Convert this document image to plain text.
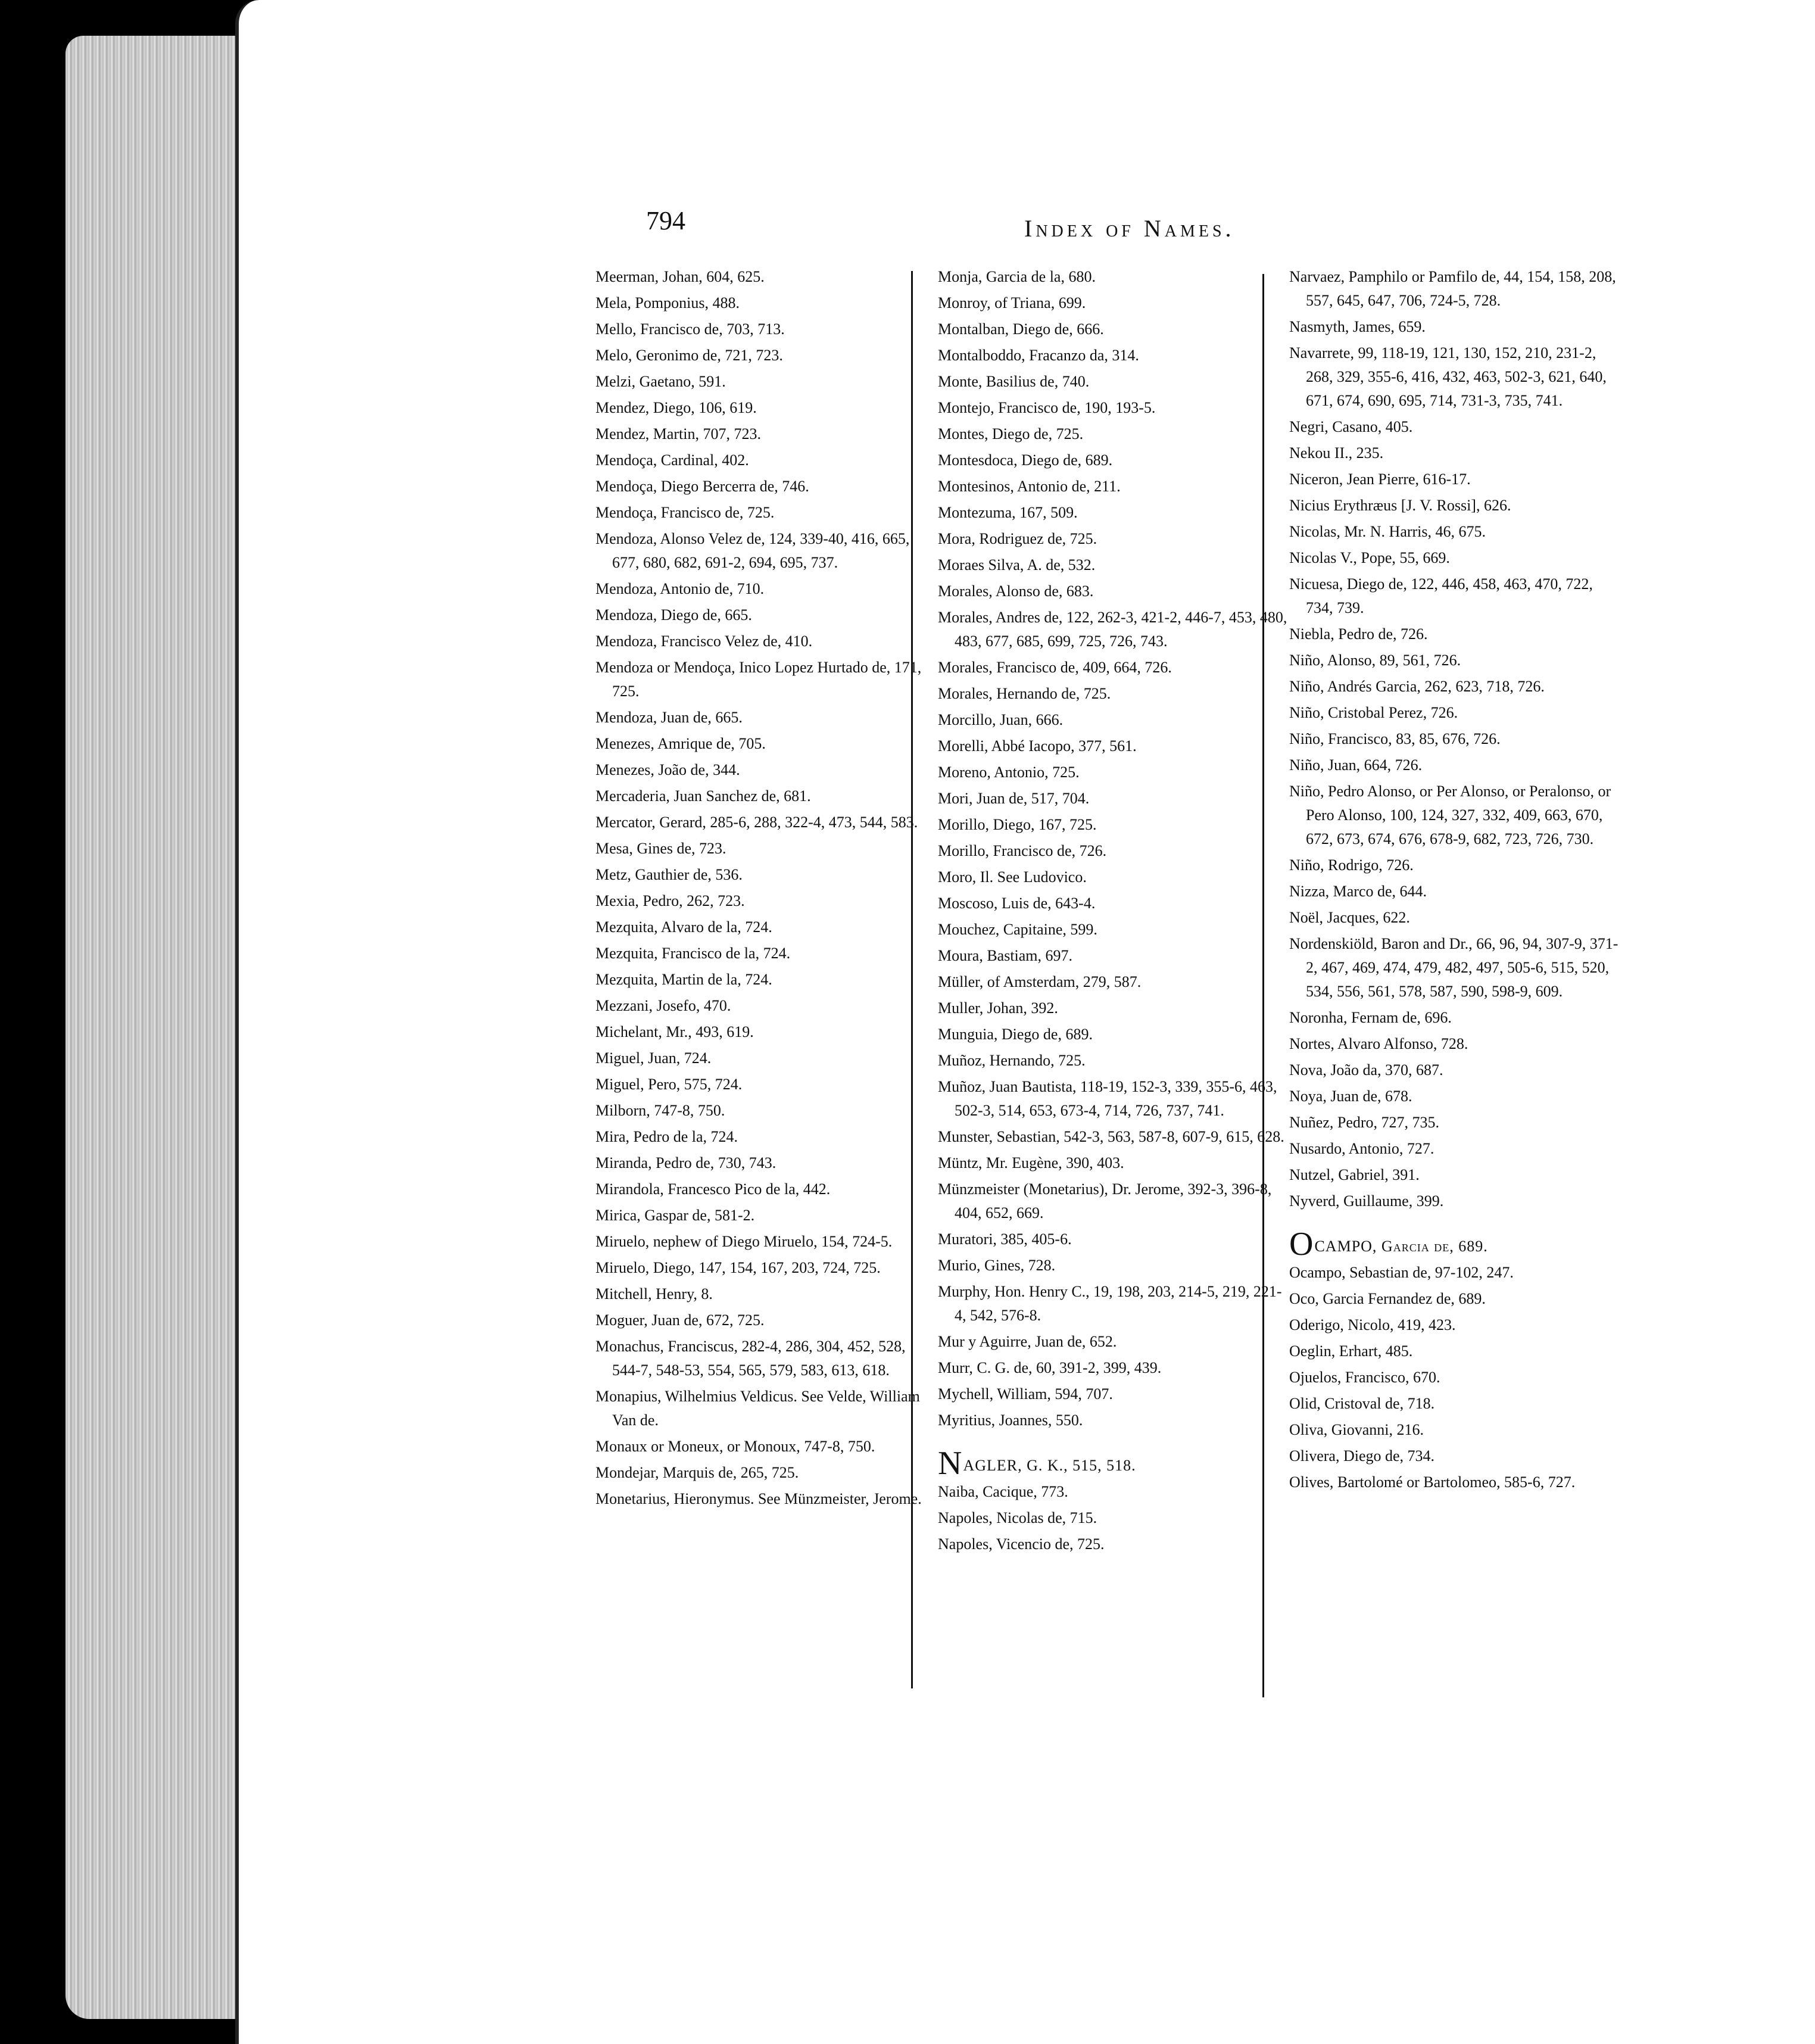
794	Index of Names.
Meerman, Johan, 604, 625.
Mela, Pomponius, 488.
Mello, Francisco de, 703, 713.
Melo, Geronimo de, 721, 723.
Melzi, Gaetano, 591.
Mendez, Diego, 106, 619.
Mendez, Martin, 707, 723.
Mendoça, Cardinal, 402.
Mendoça, Diego Bercerra de, 746.
Mendoça, Francisco de, 725.
Mendoza, Alonso Velez de, 124, 339-40, 416, 665, 677, 680, 682, 691-2, 694, 695, 737.
Mendoza, Antonio de, 710.
Mendoza, Diego de, 665.
Mendoza, Francisco Velez de, 410.
Mendoza or Mendoça, Inico Lopez Hurtado de, 171, 725.
Mendoza, Juan de, 665.
Menezes, Amrique de, 705.
Menezes, João de, 344.
Mercaderia, Juan Sanchez de, 681.
Mercator, Gerard, 285-6, 288, 322-4, 473, 544, 583.
Mesa, Gines de, 723.
Metz, Gauthier de, 536.
Mexia, Pedro, 262, 723.
Mezquita, Alvaro de la, 724.
Mezquita, Francisco de la, 724.
Mezquita, Martin de la, 724.
Mezzani, Josefo, 470.
Michelant, Mr., 493, 619.
Miguel, Juan, 724.
Miguel, Pero, 575, 724.
Milborn, 747-8, 750.
Mira, Pedro de la, 724.
Miranda, Pedro de, 730, 743.
Mirandola, Francesco Pico de la, 442.
Mirica, Gaspar de, 581-2.
Miruelo, nephew of Diego Miruelo, 154, 724-5.
Miruelo, Diego, 147, 154, 167, 203, 724, 725.
Mitchell, Henry, 8.
Moguer, Juan de, 672, 725.
Monachus, Franciscus, 282-4, 286, 304, 452, 528, 544-7, 548-53, 554, 565, 579, 583, 613, 618.
Monapius, Wilhelmius Veldicus. See Velde, William Van de.
Monaux or Moneux, or Monoux, 747-8, 750.
Mondejar, Marquis de, 265, 725.
Monetarius, Hieronymus. See Münzmeister, Jerome.
Monja, Garcia de la, 680.
Monroy, of Triana, 699.
Montalban, Diego de, 666.
Montalboddo, Fracanzo da, 314.
Monte, Basilius de, 740.
Montejo, Francisco de, 190, 193-5.
Montes, Diego de, 725.
Montesdoca, Diego de, 689.
Montesinos, Antonio de, 211.
Montezuma, 167, 509.
Mora, Rodriguez de, 725.
Moraes Silva, A. de, 532.
Morales, Alonso de, 683.
Morales, Andres de, 122, 262-3, 421-2, 446-7, 453, 480, 483, 677, 685, 699, 725, 726, 743.
Morales, Francisco de, 409, 664, 726.
Morales, Hernando de, 725.
Morcillo, Juan, 666.
Morelli, Abbé Iacopo, 377, 561.
Moreno, Antonio, 725.
Mori, Juan de, 517, 704.
Morillo, Diego, 167, 725.
Morillo, Francisco de, 726.
Moro, Il. See Ludovico.
Moscoso, Luis de, 643-4.
Mouchez, Capitaine, 599.
Moura, Bastiam, 697.
Müller, of Amsterdam, 279, 587.
Muller, Johan, 392.
Munguia, Diego de, 689.
Muñoz, Hernando, 725.
Muñoz, Juan Bautista, 118-19, 152-3, 339, 355-6, 463, 502-3, 514, 653, 673-4, 714, 726, 737, 741.
Munster, Sebastian, 542-3, 563, 587-8, 607-9, 615, 628.
Müntz, Mr. Eugène, 390, 403.
Münzmeister (Monetarius), Dr. Jerome, 392-3, 396-8, 404, 652, 669.
Muratori, 385, 405-6.
Murio, Gines, 728.
Murphy, Hon. Henry C., 19, 198, 203, 214-5, 219, 221-4, 542, 576-8.
Mur y Aguirre, Juan de, 652.
Murr, C. G. de, 60, 391-2, 399, 439.
Mychell, William, 594, 707.
Myritius, Joannes, 550.
NAGLER, G. K., 515, 518.
Naiba, Cacique, 773.
Napoles, Nicolas de, 715.
Napoles, Vicencio de, 725.
Narvaez, Pamphilo or Pamfilo de, 44, 154, 158, 208, 557, 645, 647, 706, 724-5, 728.
Nasmyth, James, 659.
Navarrete, 99, 118-19, 121, 130, 152, 210, 231-2, 268, 329, 355-6, 416, 432, 463, 502-3, 621, 640, 671, 674, 690, 695, 714, 731-3, 735, 741.
Negri, Casano, 405.
Nekou II., 235.
Niceron, Jean Pierre, 616-17.
Nicius Erythræus [J. V. Rossi], 626.
Nicolas, Mr. N. Harris, 46, 675.
Nicolas V., Pope, 55, 669.
Nicuesa, Diego de, 122, 446, 458, 463, 470, 722, 734, 739.
Niebla, Pedro de, 726.
Niño, Alonso, 89, 561, 726.
Niño, Andrés Garcia, 262, 623, 718, 726.
Niño, Cristobal Perez, 726.
Niño, Francisco, 83, 85, 676, 726.
Niño, Juan, 664, 726.
Niño, Pedro Alonso, or Per Alonso, or Peralonso, or Pero Alonso, 100, 124, 327, 332, 409, 663, 670, 672, 673, 674, 676, 678-9, 682, 723, 726, 730.
Niño, Rodrigo, 726.
Nizza, Marco de, 644.
Noël, Jacques, 622.
Nordenskiöld, Baron and Dr., 66, 96, 94, 307-9, 371-2, 467, 469, 474, 479, 482, 497, 505-6, 515, 520, 534, 556, 561, 578, 587, 590, 598-9, 609.
Noronha, Fernam de, 696.
Nortes, Alvaro Alfonso, 728.
Nova, João da, 370, 687.
Noya, Juan de, 678.
Nuñez, Pedro, 727, 735.
Nusardo, Antonio, 727.
Nutzel, Gabriel, 391.
Nyverd, Guillaume, 399.
OCAMPO, Garcia de, 689.
Ocampo, Sebastian de, 97-102, 247.
Oco, Garcia Fernandez de, 689.
Oderigo, Nicolo, 419, 423.
Oeglin, Erhart, 485.
Ojuelos, Francisco, 670.
Olid, Cristoval de, 718.
Oliva, Giovanni, 216.
Olivera, Diego de, 734.
Olives, Bartolomé or Bartolomeo, 585-6, 727.
